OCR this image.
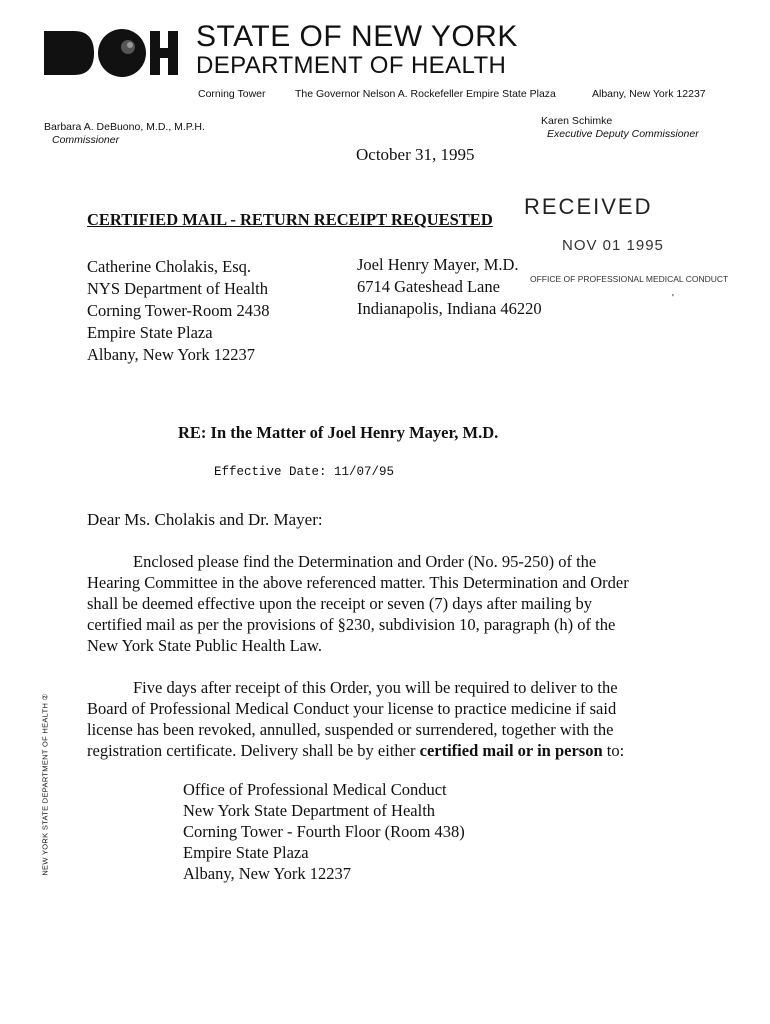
STATE OF NEW YORK
DEPARTMENT OF HEALTH
Corning Tower	The Governor Nelson A. Rockefeller Empire State Plaza	Albany, New York 12237
Barbara A. DeBuono, M.D., M.P.H.
Commissioner
Karen Schimke
Executive Deputy Commissioner
October 31, 1995
CERTIFIED MAIL - RETURN RECEIPT REQUESTED
RECEIVED
NOV 01 1995
OFFICE OF PROFESSIONAL MEDICAL CONDUCT
Catherine Cholakis, Esq.
NYS Department of Health
Corning Tower-Room 2438
Empire State Plaza
Albany, New York 12237
Joel Henry Mayer, M.D.
6714 Gateshead Lane
Indianapolis, Indiana 46220
'
RE: In the Matter of Joel Henry Mayer, M.D.
Effective Date: 11/07/95
Dear Ms. Cholakis and Dr. Mayer:
Enclosed please find the Determination and Order (No. 95-250) of the
Hearing Committee in the above referenced matter. This Determination and Order
shall be deemed effective upon the receipt or seven (7) days after mailing by
certified mail as per the provisions of §230, subdivision 10, paragraph (h) of the
New York State Public Health Law.
Five days after receipt of this Order, you will be required to deliver to the
Board of Professional Medical Conduct your license to practice medicine if said
license has been revoked, annulled, suspended or surrendered, together with the
registration certificate. Delivery shall be by either certified mail or in person to:
Office of Professional Medical Conduct
New York State Department of Health
Corning Tower - Fourth Floor (Room 438)
Empire State Plaza
Albany, New York 12237
NEW YORK STATE DEPARTMENT OF HEALTH ②
